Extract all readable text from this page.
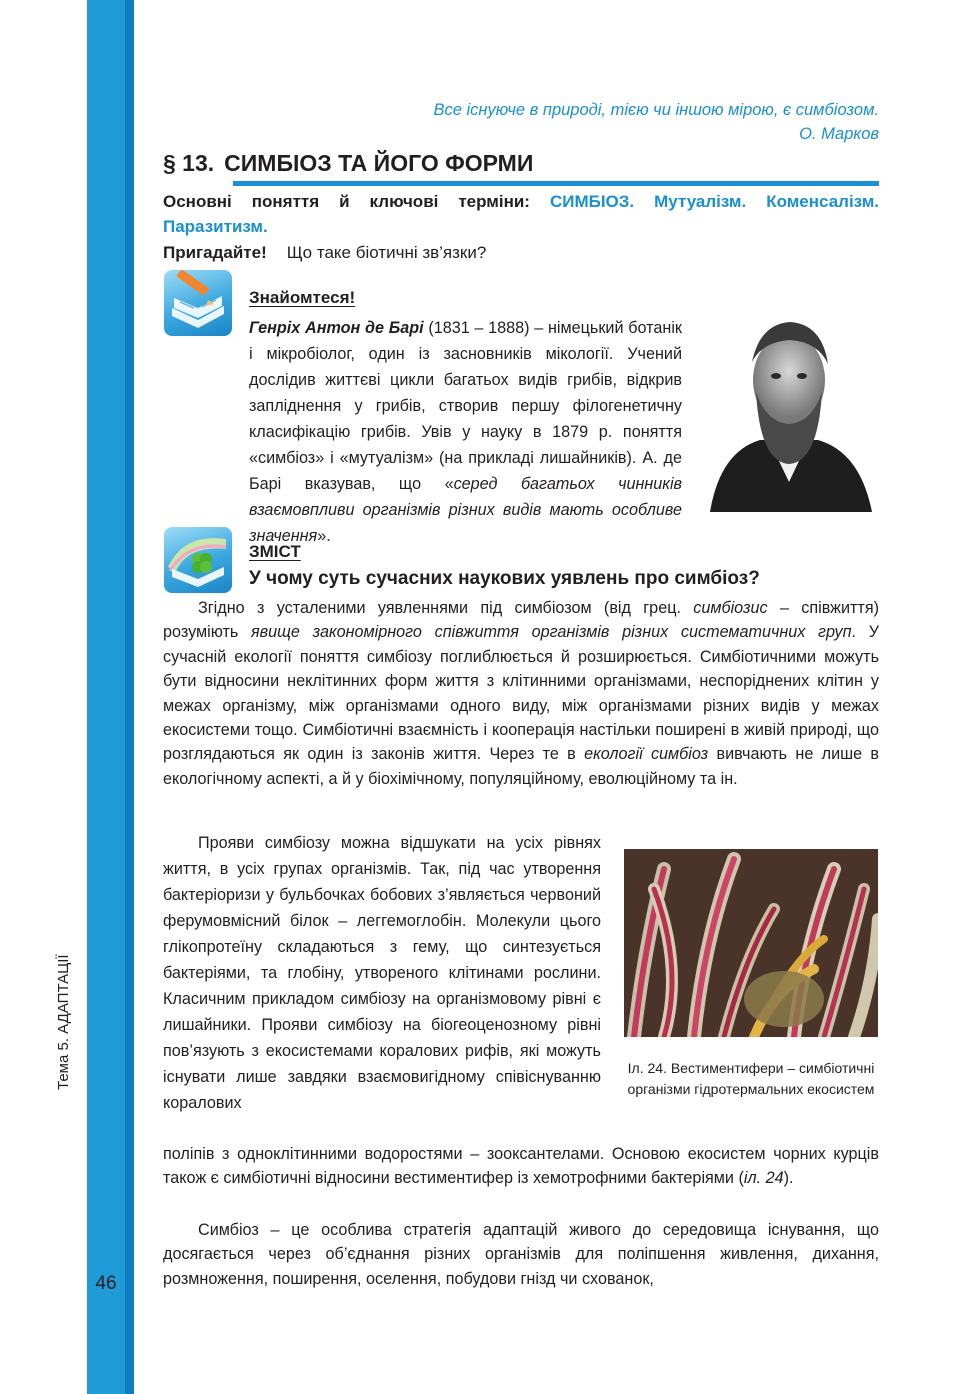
Тема 5. АДАПТАЦІЇ
46
Все існуюче в природі, тією чи іншою мірою, є симбіозом.
О. Марков
§ 13. СИМБІОЗ ТА ЙОГО ФОРМИ
Основні поняття й ключові терміни: СИМБІОЗ. Мутуалізм. Коменсалізм. Паразитизм.
Пригадайте! Що таке біотичні зв’язки?
Знайомтеся!
Генріх Антон де Барі (1831 – 1888) – німецький ботанік і мікробіолог, один із засновників мікології. Учений дослідив життєві цикли багатьох видів грибів, відкрив запліднення у грибів, створив першу філогенетичну класифікацію грибів. Увів у науку в 1879 р. поняття «симбіоз» і «мутуалізм» (на прикладі лишайників). А. де Барі вказував, що «серед багатьох чинників взаємовпливи організмів різних видів мають особливе значення».
ЗМІСТ
У чому суть сучасних наукових уявлень про симбіоз?
Згідно з усталеними уявленнями під симбіозом (від грец. симбіозис – співжиття) розуміють явище закономірного співжиття організмів різних систематичних груп. У сучасній екології поняття симбіозу поглиблюється й розширюється. Симбіотичними можуть бути відносини неклітинних форм життя з клітинними організмами, неспоріднених клітин у межах організму, між організмами одного виду, між організмами різних видів у межах екосистеми тощо. Симбіотичні взаємність і кооперація настільки поширені в живій природі, що розглядаються як один із законів життя. Через те в екології симбіоз вивчають не лише в екологічному аспекті, а й у біохімічному, популяційному, еволюційному та ін.
Прояви симбіозу можна відшукати на усіх рівнях життя, в усіх групах організмів. Так, під час утворення бактеріоризи у бульбочках бобових з’являється червоний ферумовмісний білок – леггемоглобін. Молекули цього глікопротеїну складаються з гему, що синтезується бактеріями, та глобіну, утвореного клітинами рослини. Класичним прикладом симбіозу на організмовому рівні є лишайники. Прояви симбіозу на біогеоценозному рівні пов’язують з екосистемами коралових рифів, які можуть існувати лише завдяки взаємовигідному співіснуванню коралових
Іл. 24. Вестиментифери – симбіотичні організми гідротермальних екосистем
поліпів з одноклітинними водоростями – зооксантелами. Основою екосистем чорних курців також є симбіотичні відносини вестиментифер із хемотрофними бактеріями (іл. 24).
Симбіоз – це особлива стратегія адаптацій живого до середовища існування, що досягається через об’єднання різних організмів для поліпшення живлення, дихання, розмноження, поширення, оселення, побудови гнізд чи схованок,
